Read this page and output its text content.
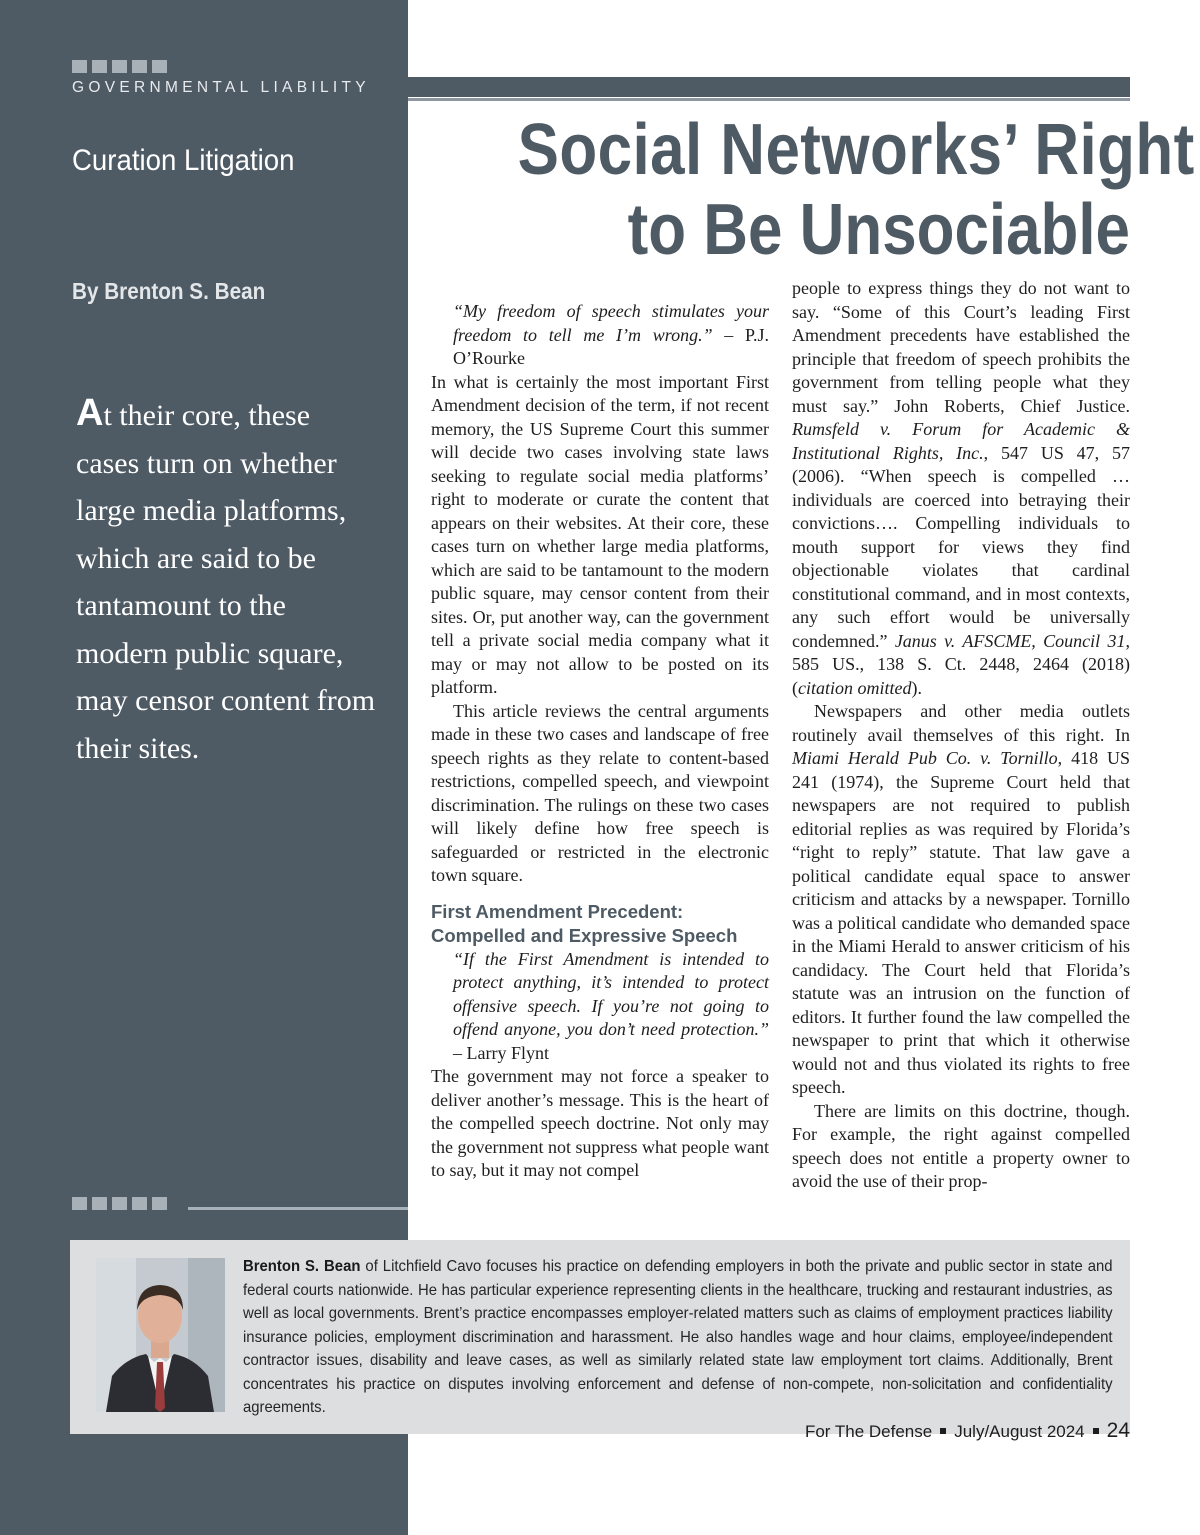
GOVERNMENTAL LIABILITY
Curation Litigation
By Brenton S. Bean
At their core, these cases turn on whether large media platforms, which are said to be tantamount to the modern public square, may censor content from their sites.
Social Networks’ Right
to Be Unsociable

“My freedom of speech stimulates your freedom to tell me I’m wrong.” – P.J. O’Rourke

In what is certainly the most important First Amendment decision of the term, if not recent memory, the US Supreme Court this summer will decide two cases involving state laws seeking to regulate social media platforms’ right to moderate or curate the content that appears on their websites. At their core, these cases turn on whether large media platforms, which are said to be tantamount to the modern public square, may censor content from their sites. Or, put another way, can the government tell a private social media company what it may or may not allow to be posted on its platform.

This article reviews the central arguments made in these two cases and landscape of free speech rights as they relate to content-based restrictions, compelled speech, and viewpoint discrimination. The rulings on these two cases will likely define how free speech is safeguarded or restricted in the electronic town square.

First Amendment Precedent:
Compelled and Expressive Speech

“If the First Amendment is intended to protect anything, it’s intended to protect offensive speech. If you’re not going to offend anyone, you don’t need protection.” – Larry Flynt

The government may not force a speaker to deliver another’s message. This is the heart of the compelled speech doctrine. Not only may the government not suppress what people want to say, but it may not compel

people to express things they do not want to say. “Some of this Court’s leading First Amendment precedents have established the principle that freedom of speech prohibits the government from telling people what they must say.” John Roberts, Chief Justice. Rumsfeld v. Forum for Academic & Institutional Rights, Inc., 547 US 47, 57 (2006). “When speech is compelled … individuals are coerced into betraying their convictions…. Compelling individuals to mouth support for views they find objectionable violates that cardinal constitutional command, and in most contexts, any such effort would be universally condemned.” Janus v. AFSCME, Council 31, 585 US., 138 S. Ct. 2448, 2464 (2018) (citation omitted).

Newspapers and other media outlets routinely avail themselves of this right. In Miami Herald Pub Co. v. Tornillo, 418 US 241 (1974), the Supreme Court held that newspapers are not required to publish editorial replies as was required by Florida’s “right to reply” statute. That law gave a political candidate equal space to answer criticism and attacks by a newspaper. Tornillo was a political candidate who demanded space in the Miami Herald to answer criticism of his candidacy. The Court held that Florida’s statute was an intrusion on the function of editors. It further found the law compelled the newspaper to print that which it otherwise would not and thus violated its rights to free speech.

There are limits on this doctrine, though. For example, the right against compelled speech does not entitle a property owner to avoid the use of their prop-

Brenton S. Bean of Litchfield Cavo focuses his practice on defending employers in both the private and public sector in state and federal courts nationwide. He has particular experience representing clients in the healthcare, trucking and restaurant industries, as well as local governments. Brent’s practice encompasses employer-related matters such as claims of employment practices liability insurance policies, employment discrimination and harassment. He also handles wage and hour claims, employee/independent contractor issues, disability and leave cases, as well as similarly related state law employment tort claims. Additionally, Brent concentrates his practice on disputes involving enforcement and defense of non-compete, non-solicitation and confidentiality agreements.
For The Defense July/August 2024 24
